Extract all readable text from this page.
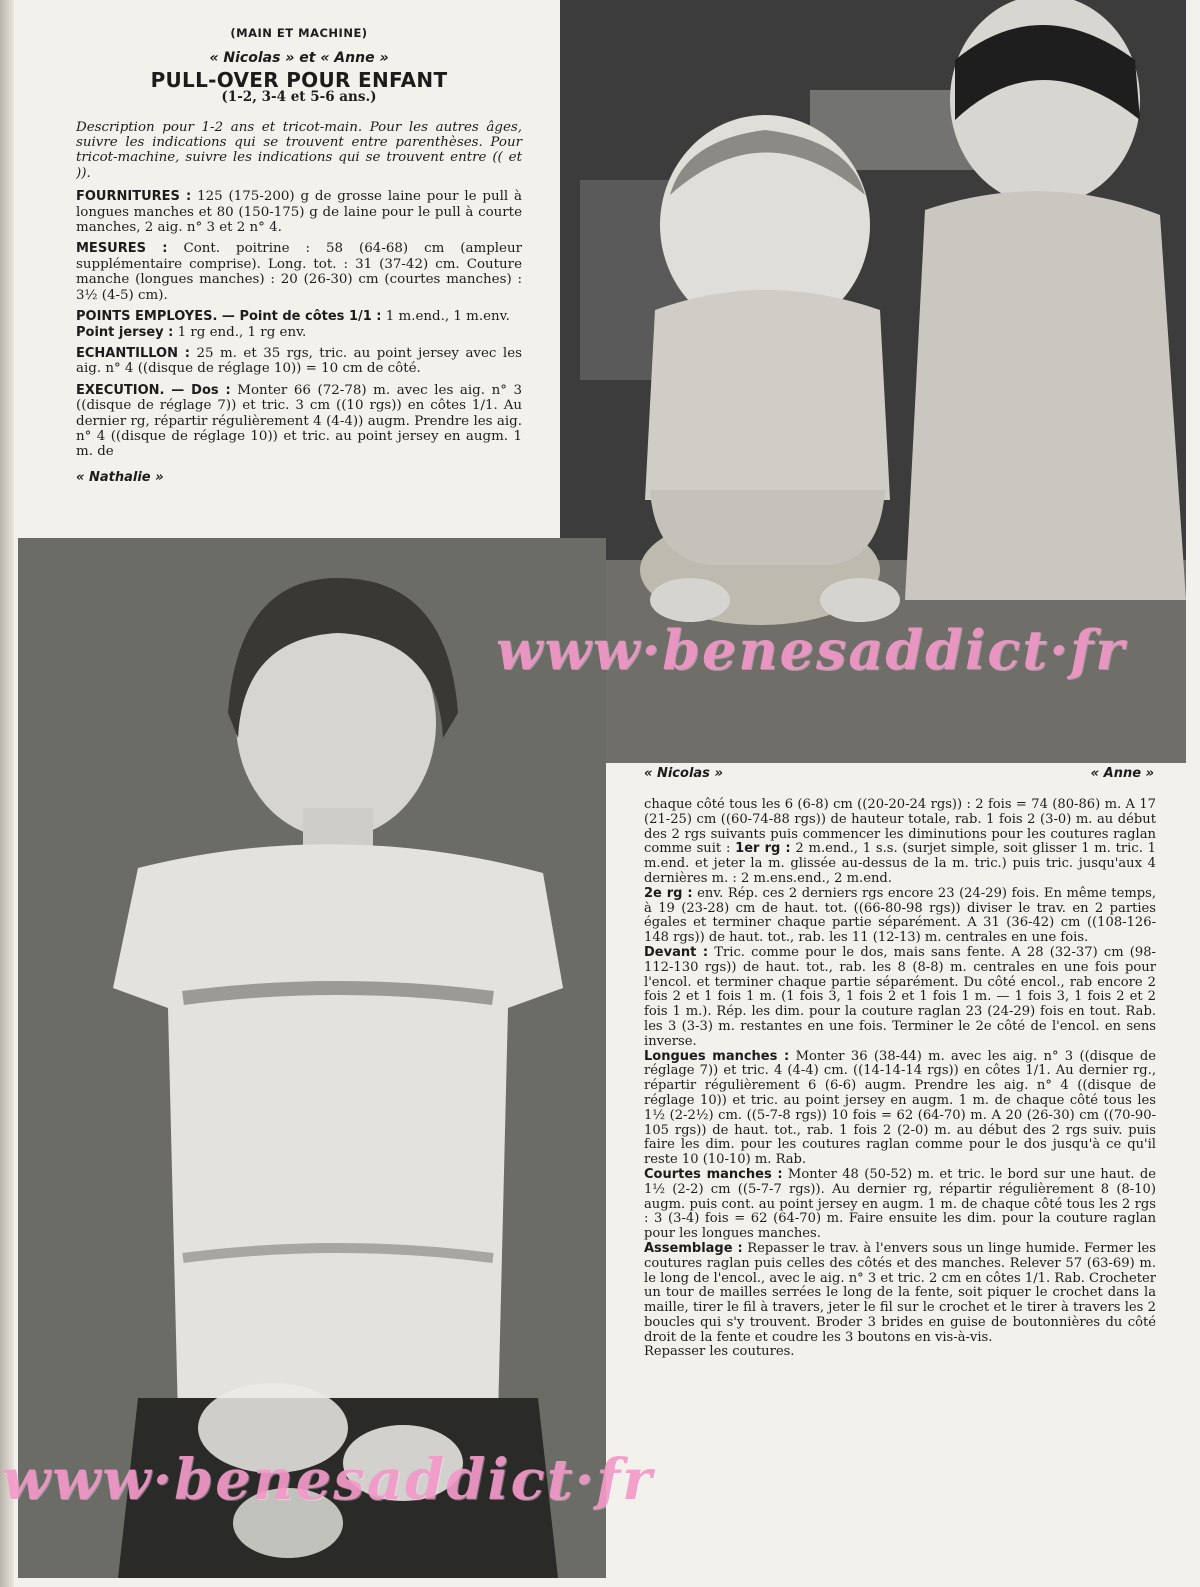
(MAIN ET MACHINE)
« Nicolas » et « Anne »
PULL-OVER POUR ENFANT
(1-2, 3-4 et 5-6 ans.)

Description pour 1-2 ans et tricot-main. Pour les autres âges, suivre les indications qui se trouvent entre parenthèses. Pour tricot-machine, suivre les indications qui se trouvent entre (( et )).

FOURNITURES : 125 (175-200) g de grosse laine pour le pull à longues manches et 80 (150-175) g de laine pour le pull à courte manches, 2 aig. n° 3 et 2 n° 4.

MESURES : Cont. poitrine : 58 (64-68) cm (ampleur supplémentaire comprise). Long. tot. : 31 (37-42) cm. Couture manche (longues manches) : 20 (26-30) cm (courtes manches) : 3½ (4-5) cm).

POINTS EMPLOYES. — Point de côtes 1/1 : 1 m.end., 1 m.env.

Point jersey : 1 rg end., 1 rg env.

ECHANTILLON : 25 m. et 35 rgs, tric. au point jersey avec les aig. n° 4 ((disque de réglage 10)) = 10 cm de côté.

EXECUTION. — Dos : Monter 66 (72-78) m. avec les aig. n° 3 ((disque de réglage 7)) et tric. 3 cm ((10 rgs)) en côtes 1/1. Au dernier rg, répartir régulièrement 4 (4-4)) augm. Prendre les aig. n° 4 ((disque de réglage 10)) et tric. au point jersey en augm. 1 m. de

« Nathalie »
« Nicolas »	« Anne »

chaque côté tous les 6 (6-8) cm ((20-20-24 rgs)) : 2 fois = 74 (80-86) m. A 17 (21-25) cm ((60-74-88 rgs)) de hauteur totale, rab. 1 fois 2 (3-0) m. au début des 2 rgs suivants puis commencer les diminutions pour les coutures raglan comme suit : 1er rg : 2 m.end., 1 s.s. (surjet simple, soit glisser 1 m. tric. 1 m.end. et jeter la m. glissée au-dessus de la m. tric.) puis tric. jusqu'aux 4 dernières m. : 2 m.ens.end., 2 m.end.

2e rg : env. Rép. ces 2 derniers rgs encore 23 (24-29) fois. En même temps, à 19 (23-28) cm de haut. tot. ((66-80-98 rgs)) diviser le trav. en 2 parties égales et terminer chaque partie séparément. A 31 (36-42) cm ((108-126-148 rgs)) de haut. tot., rab. les 11 (12-13) m. centrales en une fois.

Devant : Tric. comme pour le dos, mais sans fente. A 28 (32-37) cm (98-112-130 rgs)) de haut. tot., rab. les 8 (8-8) m. centrales en une fois pour l'encol. et terminer chaque partie séparément. Du côté encol., rab encore 2 fois 2 et 1 fois 1 m. (1 fois 3, 1 fois 2 et 1 fois 1 m. — 1 fois 3, 1 fois 2 et 2 fois 1 m.). Rép. les dim. pour la couture raglan 23 (24-29) fois en tout. Rab. les 3 (3-3) m. restantes en une fois. Terminer le 2e côté de l'encol. en sens inverse.

Longues manches : Monter 36 (38-44) m. avec les aig. n° 3 ((disque de réglage 7)) et tric. 4 (4-4) cm. ((14-14-14 rgs)) en côtes 1/1. Au dernier rg., répartir régulièrement 6 (6-6) augm. Prendre les aig. n° 4 ((disque de réglage 10)) et tric. au point jersey en augm. 1 m. de chaque côté tous les 1½ (2-2½) cm. ((5-7-8 rgs)) 10 fois = 62 (64-70) m. A 20 (26-30) cm ((70-90-105 rgs)) de haut. tot., rab. 1 fois 2 (2-0) m. au début des 2 rgs suiv. puis faire les dim. pour les coutures raglan comme pour le dos jusqu'à ce qu'il reste 10 (10-10) m. Rab.

Courtes manches : Monter 48 (50-52) m. et tric. le bord sur une haut. de 1½ (2-2) cm ((5-7-7 rgs)). Au dernier rg, répartir régulièrement 8 (8-10) augm. puis cont. au point jersey en augm. 1 m. de chaque côté tous les 2 rgs : 3 (3-4) fois = 62 (64-70) m. Faire ensuite les dim. pour la couture raglan pour les longues manches.

Assemblage : Repasser le trav. à l'envers sous un linge humide. Fermer les coutures raglan puis celles des côtés et des manches. Relever 57 (63-69) m. le long de l'encol., avec le aig. n° 3 et tric. 2 cm en côtes 1/1. Rab. Crocheter un tour de mailles serrées le long de la fente, soit piquer le crochet dans la maille, tirer le fil à travers, jeter le fil sur le crochet et le tirer à travers les 2 boucles qui s'y trouvent. Broder 3 brides en guise de boutonnières du côté droit de la fente et coudre les 3 boutons en vis-à-vis.

Repasser les coutures.

www·benesaddict·fr
www·benesaddict·fr
